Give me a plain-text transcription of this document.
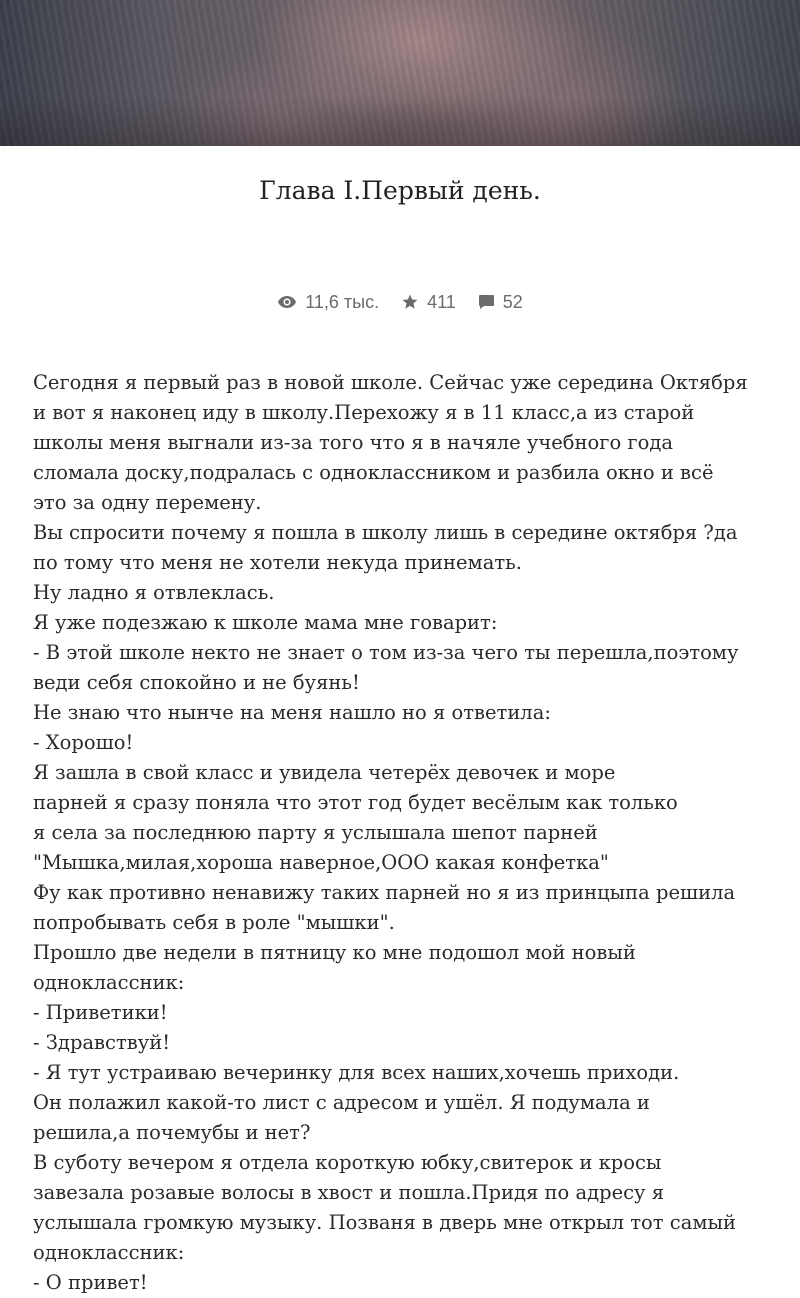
Глава I.Первый день.
11,6 тыс.	411	52

Сегодня я первый раз в новой школе. Сейчас уже середина Октября

и вот я наконец иду в школу.Перехожу я в 11 класс,а из старой

школы меня выгнали из-за того что я в начяле учебного года

сломала доску,подралась с одноклассником и разбила окно и всё

это за одну перемену.

Вы спросити почему я пошла в школу лишь в середине октября ?да

по тому что меня не хотели некуда принемать.

Ну ладно я отвлеклась.

Я уже подезжаю к школе мама мне говарит:

- В этой школе некто не знает о том из-за чего ты перешла,поэтому

веди себя спокойно и не буянь!

Не знаю что нынче на меня нашло но я ответила:

- Хорошо!

Я зашла в свой класс и увидела четерёх девочек и море

парней я сразу поняла что этот год будет весёлым как только

я села за последнюю парту я услышала шепот парней

"Мышка,милая,хороша наверное,ООО какая конфетка"

Фу как противно ненавижу таких парней но я из принцыпа решила

попробывать себя в роле "мышки".

Прошло две недели в пятницу ко мне подошол мой новый

одноклассник:

- Приветики!

- Здравствуй!

- Я тут устраиваю вечеринку для всех наших,хочешь приходи.

Он полажил какой-то лист с адресом и ушёл. Я подумала и

решила,а почемубы и нет?

В суботу вечером я отдела короткую юбку,свитерок и кросы

завезала розавые волосы в хвост и пошла.Придя по адресу я

услышала громкую музыку. Позваня в дверь мне открыл тот самый

одноклассник:

- О привет!
